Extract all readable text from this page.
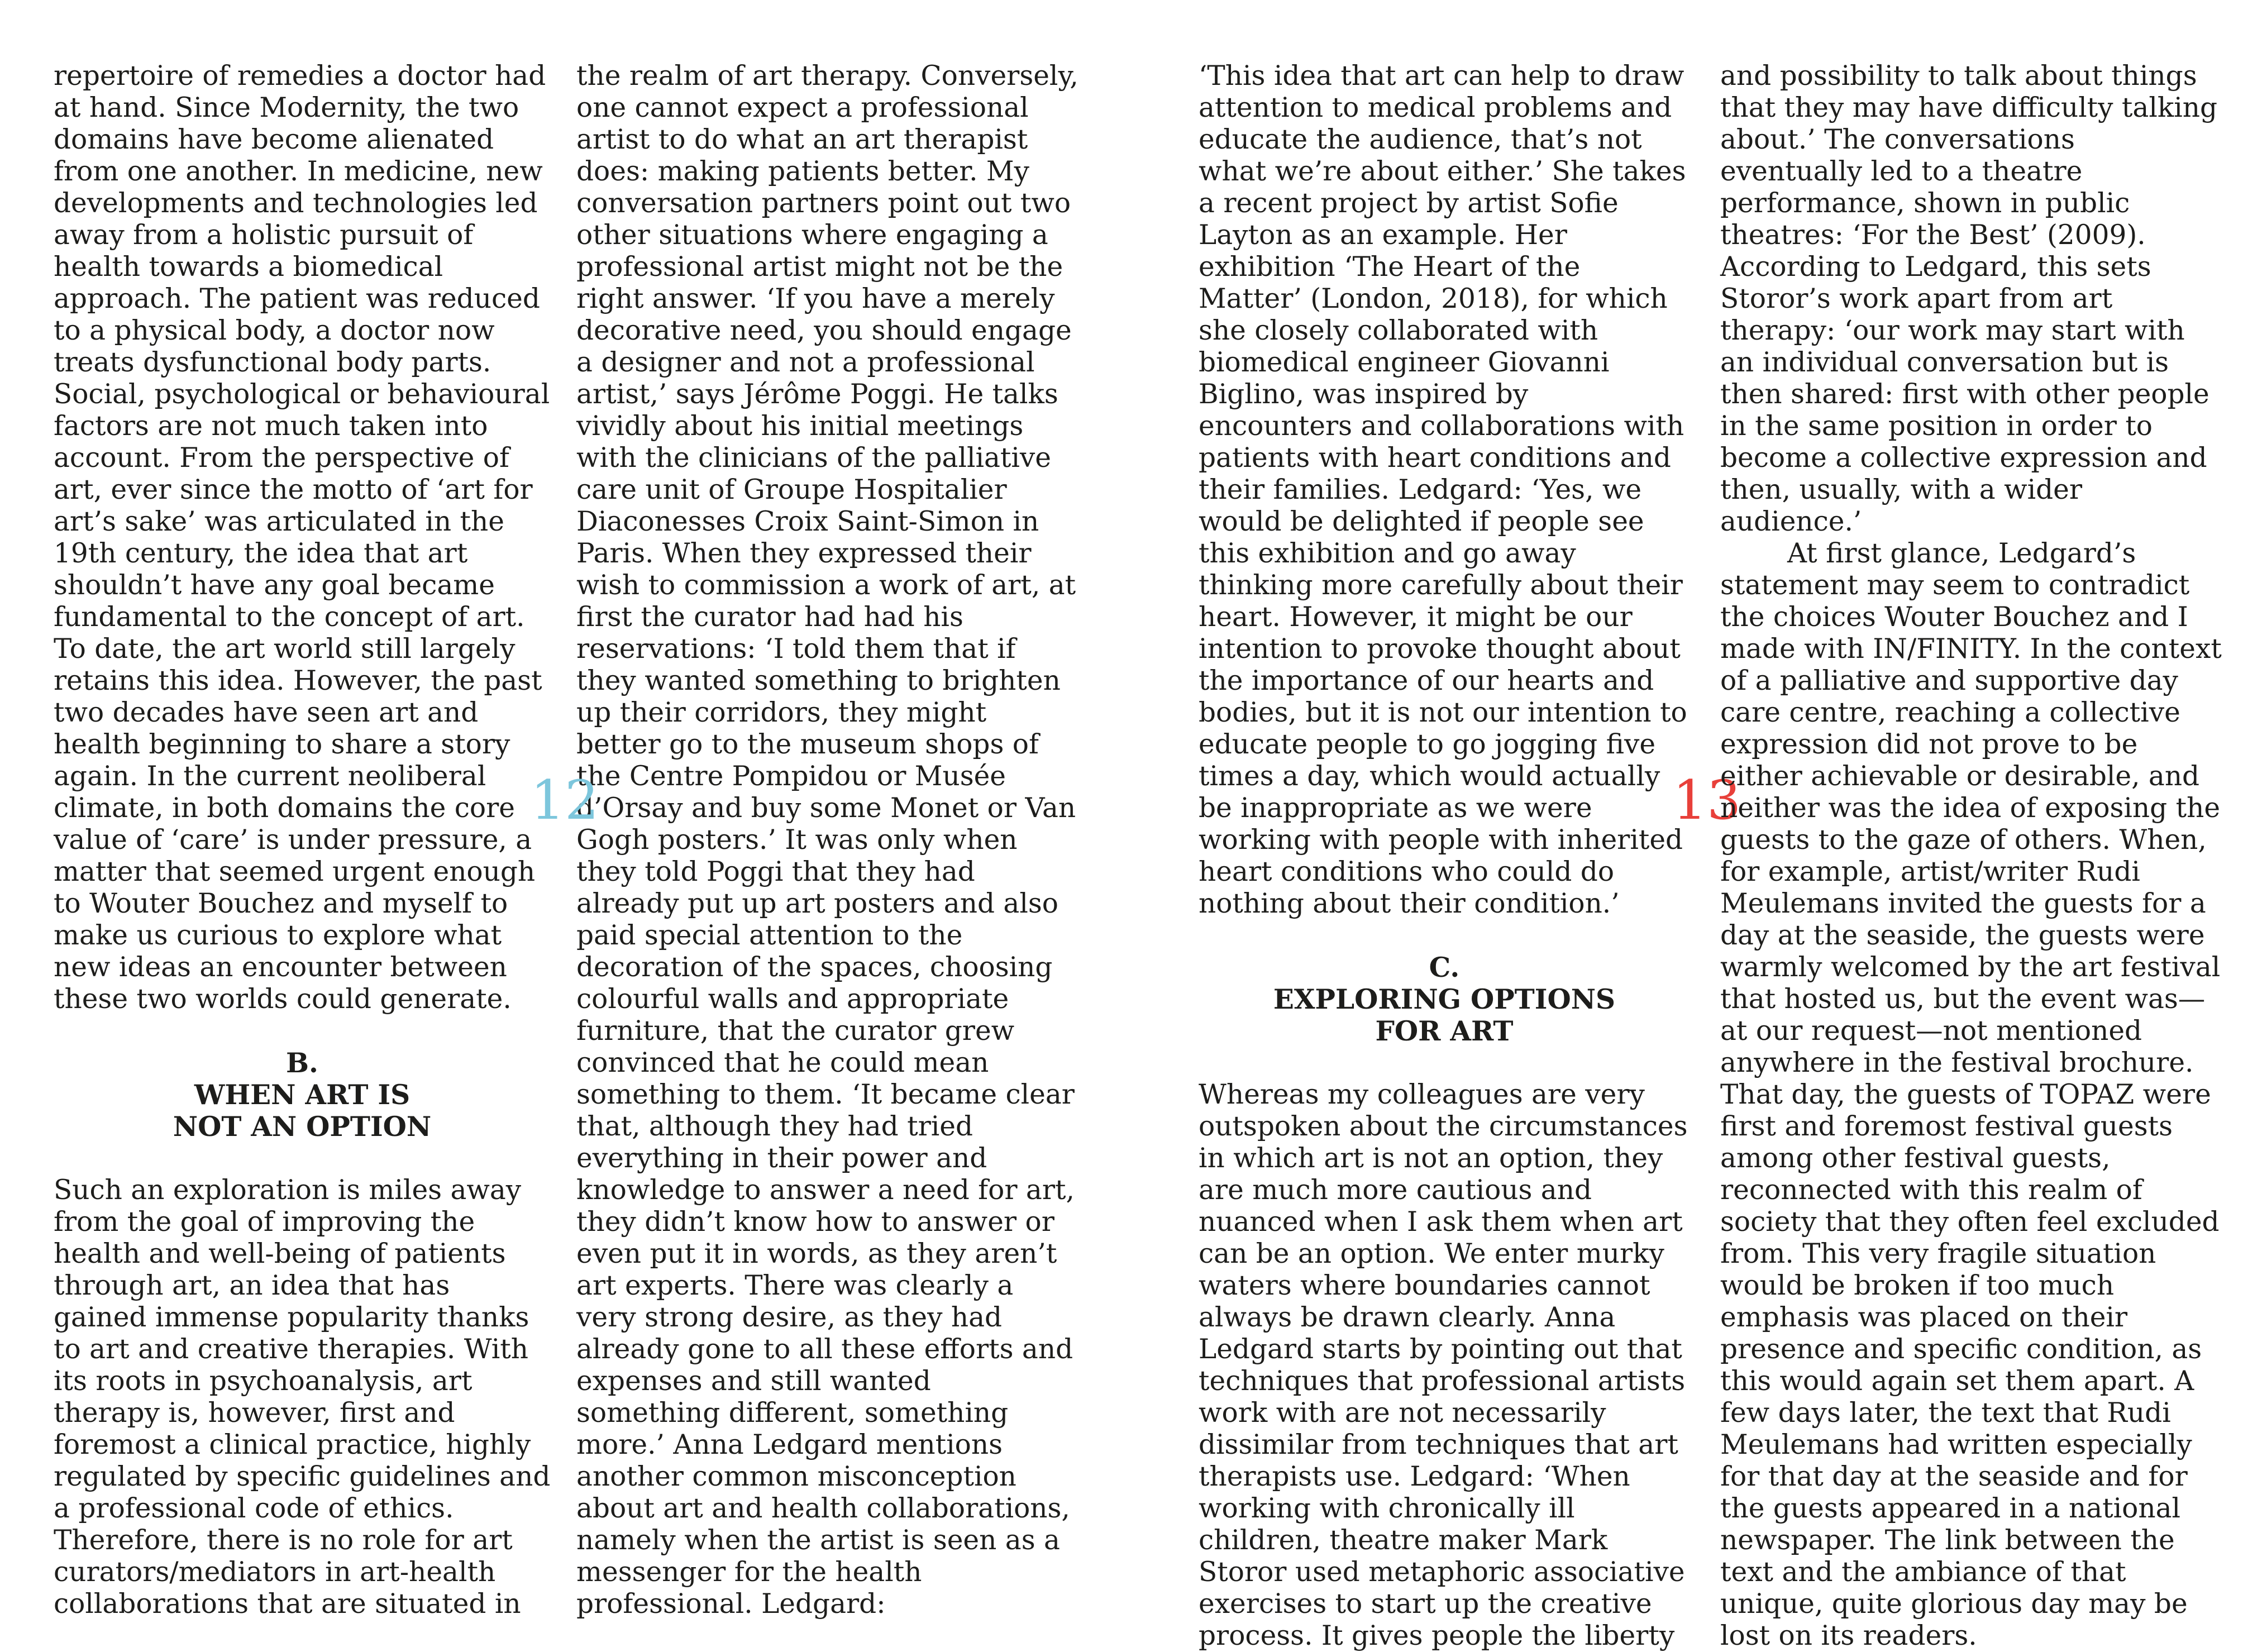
repertoire of remedies a doctor had at hand. Since Modernity, the two domains have become alienated from one another. In medicine, new developments and technologies led away from a holistic pursuit of health towards a biomedical approach. The patient was reduced to a physical body, a doctor now treats dysfunctional body parts. Social, psychological or behavioural factors are not much taken into account. From the perspective of art, ever since the motto of ‘art for art’s sake’ was articulated in the 19th century, the idea that art shouldn’t have any goal became fundamental to the concept of art. To date, the art world still largely retains this idea. However, the past two decades have seen art and health beginning to share a story again. In the current neoliberal climate, in both domains the core value of ‘care’ is under pressure, a matter that seemed urgent enough to Wouter Bouchez and myself to make us curious to explore what new ideas an encounter between these two worlds could generate.

B.
WHEN ART IS
NOT AN OPTION

Such an exploration is miles away from the goal of improving the health and well-being of patients through art, an idea that has gained immense popularity thanks to art and creative therapies. With its roots in psychoanalysis, art therapy is, however, first and foremost a clinical practice, highly regulated by specific guidelines and a professional code of ethics. Therefore, there is no role for art curators/mediators in art-health collaborations that are situated in

the realm of art therapy. Conversely, one cannot expect a professional artist to do what an art therapist does: making patients better. My conversation partners point out two other situations where engaging a professional artist might not be the right answer. ‘If you have a merely decorative need, you should engage a designer and not a professional artist,’ says Jérôme Poggi. He talks vividly about his initial meetings with the clinicians of the palliative care unit of Groupe Hospitalier Diaconesses Croix Saint-Simon in Paris. When they expressed their wish to commission a work of art, at first the curator had had his reservations: ‘I told them that if they wanted something to brighten up their corridors, they might better go to the museum shops of the Centre Pompidou or Musée d’Orsay and buy some Monet or Van Gogh posters.’ It was only when they told Poggi that they had already put up art posters and also paid special attention to the decoration of the spaces, choosing colourful walls and appropriate furniture, that the curator grew convinced that he could mean something to them. ‘It became clear that, although they had tried everything in their power and knowledge to answer a need for art, they didn’t know how to answer or even put it in words, as they aren’t art experts. There was clearly a very strong desire, as they had already gone to all these efforts and expenses and still wanted something different, something more.’ Anna Ledgard mentions another common misconception about art and health collaborations, namely when the artist is seen as a messenger for the health professional. Ledgard:

12

‘This idea that art can help to draw attention to medical problems and educate the audience, that’s not what we’re about either.’ She takes a recent project by artist Sofie Layton as an example. Her exhibition ‘The Heart of the Matter’ (London, 2018), for which she closely collaborated with biomedical engineer Giovanni Biglino, was inspired by encounters and collaborations with patients with heart conditions and their families. Ledgard: ‘Yes, we would be delighted if people see this exhibition and go away thinking more carefully about their heart. However, it might be our intention to provoke thought about the importance of our hearts and bodies, but it is not our intention to educate people to go jogging five times a day, which would actually be inappropriate as we were working with people with inherited heart conditions who could do nothing about their condition.’

C.
EXPLORING OPTIONS
FOR ART

Whereas my colleagues are very outspoken about the circumstances in which art is not an option, they are much more cautious and nuanced when I ask them when art can be an option. We enter murky waters where boundaries cannot always be drawn clearly. Anna Ledgard starts by pointing out that techniques that professional artists work with are not necessarily dissimilar from techniques that art therapists use. Ledgard: ‘When working with chronically ill children, theatre maker Mark Storor used metaphoric associative exercises to start up the creative process. It gives people the liberty

13

and possibility to talk about things that they may have difficulty talking about.’ The conversations eventually led to a theatre performance, shown in public theatres: ‘For the Best’ (2009). According to Ledgard, this sets Storor’s work apart from art therapy: ‘our work may start with an individual conversation but is then shared: first with other people in the same position in order to become a collective expression and then, usually, with a wider audience.’

At first glance, Ledgard’s statement may seem to contradict the choices Wouter Bouchez and I made with IN/FINITY. In the context of a palliative and supportive day care centre, reaching a collective expression did not prove to be either achievable or desirable, and neither was the idea of exposing the guests to the gaze of others. When, for example, artist/writer Rudi Meulemans invited the guests for a day at the seaside, the guests were warmly welcomed by the art festival that hosted us, but the event was—at our request—not mentioned anywhere in the festival brochure. That day, the guests of TOPAZ were first and foremost festival guests among other festival guests, reconnected with this realm of society that they often feel excluded from. This very fragile situation would be broken if too much emphasis was placed on their presence and specific condition, as this would again set them apart. A few days later, the text that Rudi Meulemans had written especially for that day at the seaside and for the guests appeared in a national newspaper. The link between the text and the ambiance of that unique, quite glorious day may be lost on its readers.
